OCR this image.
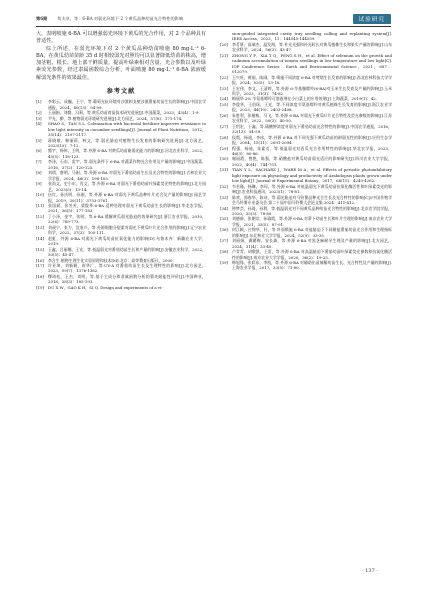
第6期 苟夫卓，等：6-BA 对弱光环境下 2 个黄瓜品种幼苗光合特性的影响	试验研究

大，表明喷施 6-BA 可以增强弱光环境下黄瓜的光合作用，对 2 个品种具有普适性。

综上所述，在弱光环境下对 2 个黄瓜品种幼苗喷施 80 mg·L⁻¹ 6-BA，在黄瓜幼苗苗龄 35 d 时相较弱光对照均可以显著降低幼苗的株高，增加茎粗、根长、地上部干鲜质量，提高叶绿素相对含量、光合参数以及叶绿素荧光参数，经过隶属函数综合分析，叶面喷施 80 mg·L⁻¹ 6-BA 浓液缓解弱光条件的效果最佳。

参考文献
[1]	李彩云，成巍，王宁，等.葡萄光抗环境对沙漠和戈壁沙漠番茄幼苗生长的影响[J].中国农学通报，2024，40(13)：94-99.
[2]	王丽娟，刘勤，冯莉，等.黄瓜幼苗育苗技术研究进展[J].中国蔬菜，2023，43(4)：1-9.
[3]	尹光，柳，等.植物弱光环境研究进展[J].北方园艺，2024，57(8)：171-174.
[4]	SHAO S，TAN S L. Colonization with bacterial fertilizer improves resistance to low light intensity in cucumber seedlings[J]. Journal of Plant Nutrition，2012，35(14)：2107-2117.
[5]	蒋晓敏，韩丽莉，林文，等.弱光胁迫对植物生长发育的影响研究进展[J].北方园艺，2023(10)：7-12.
[6]	熊宇，杨伟，王明，等.外源 6-BA 对黄瓜幼苗耐弱光能力的影响[J].河北农业科学，2022，45(5)：118-123.
[7]	李泽，石东，雷宇，等.弱光条件下 6-BA 对蔬菜作物光合作用及产量的影响[J].中国蔬菜，2016，37(2)：120-125.
[8]	刘琪，唐明，马刚，等.外源 6-BA 对弱光下番茄幼苗生长及光合特性的影响[J].吉林农业大学学报，2024，46(3)：198-105.
[9]	张尚文，史小东，肖文，等.外源 6-BA 对弱光下番茄幼苗叶绿素荧光特性的影响[J].北方园艺，2023(5)：13-14.
[10]	伍红，孙庆明，孙刚，等.外源 6-BA 对弱光下黄瓜品种叶片光合及产量的影响[J].园艺学报，2019，30(11)：3753-3761.
[11]	张国斌，张芳芳，梁俊华.6-BA 浸种处理对弱光下黄瓜幼苗生长的影响[J].华北农学报，2021，36(5)：177-183.
[12]	丁小泽，金宇，张明，等.6-BA 缓解黄瓜弱光胁迫的效果研究[J].浙江农业学报，2010，22(6)：769-773.
[13]	刘昶宁，张力，沈家兴，等.外源细胞分裂素对弱光下黄瓜叶片光合作用的影响[J].辽宁农业科学，2022，37(3)：105-111.
[14]	赵虹，外源 6-BA 对弱光下黄瓜幼苗抗氧化能力的影响[D].乌鲁木齐：新疆农业大学，2019.
[15]	王鑫，吕丽娜，王宏，等.低温弱光对番茄幼苗生长和产量的影响[J].安徽农业科学，2022，50(5)：45-47.
[16]	李合生.植物生理生化实验原理和技术[M].北京：高等教育出版社，2000.
[17]	许亚坤，刘新颖，崔华广，等.UV-A 对番茄幼苗生长及生理特性的影响[J].北方园艺，2023，59(7)：1376-1382.
[18]	缪琦松，王杰，刘明，等.基于主成分和隶属函数分析的藜麦耐盐性评价[J].中国种业，2018，38(3)：185-193.
[19]	DU X W，GAO K H，SI Q. Design and experiments of a vi-
sion-guided integrated cavity tray seedling culling and replanting system[J]. IEEE Access，2023，11：144545-144559.
[20]	李茗妍，高瑞杰，温发海，等.补光光强和补光时长对黄瓜植株生长和果实产量的影响[J].山东农业科学，2024，56(3)：43-47.
[21]	ZHONG Y F，XIA T Q，PENG S H，et al. Effect of selenium on the growth and cadmium accumulation of tomato seedlings in low temperature and low light[C]. IOP Conference Series：Earth and Environmental Science，2021，687：012079.
[22]	王兴旺，黄刚，陈刚，等.喷施不同浓度 6-BA 对烤烟生长发育的影响[J].西北农林科技大学学报，2024，52(5)：13-18.
[23]	王宏伟，李文，王清婷，等.外源 6-苄基腺嘌呤(6-BA)对玉米生长发育及产量的影响[J].玉米科学，2023，31(3)：74-82.
[24]	梅丽华.2% 苄氨基嘌呤可溶液剂在小白菜上的应用效果[J].上海蔬菜，2019(1)：42.
[25]	李俊华，王伯琛，王光，等.不同浓度苄氨基嘌呤对黄瓜植株生长发育的影响[J].浙江农业学报，2023，44(10)：2403-2408.
[26]	朱胜利，张楷栋，马飞，等.外源 6-BA 对弱光下黄瓜叶片光合特性及荧光参数的影响[J].江苏农业科学，2022，50(3)：40-50.
[27]	王绍宏，于鑫，等.硝酸钾浓度对弱光下番茄幼苗光合特性的影响[J].中国农学通报，2016，32(13)：54-59.
[28]	侯霞，杨迪，李冰，等.外源 6-BA 对不同光强下黄瓜幼苗的耐弱光性的影响[J].应用生态学报，2004，15(11)：2091-2094.
[29]	程强，杨迪，朱素贞，等.低温弱光对西瓜光合作用特性的影响[J].华北农学报，2023，46(3)：80-86.
[30]	谢丽霞，曾艳，陈强，等.硝酸盐对黄瓜幼苗弱光适应的影响研究[J].四川农业大学学报，2022，40(4)：744-751.
[31]	TIAN Y L，SACHARZ J，WARE M A，et al. Effects of periodic photoinhibitory light exposure on physiology and productivity of Arabidopsis plants grown under low light[J]. Journal of Experimental Botany，2017，68(15)：4249-4262.
[32]	韦若瑾，杨琳，李珂，等.外源 6-BA 对低温弱光下黄瓜幼苗抗氧化酶活性和叶绿素荧光的影响[J].农业科技通讯，2023(1)：78-81.
[33]	陈欢，郭春华，陈诗，等.弱光胁迫对马铃薯品种光合生长及光合特性的影响[C]//中国作物学会马铃薯专业委员会.第二十届中国马铃薯大会论文集.2024：411-412.
[34]	钟梦芸，孙琦，孙利，等.低温弱光对不同黄瓜品种幼苗光合特性的影响[J].北京农学院学报，2020，35(3)：78-80.
[35]	刘德新，张朝宗，孙瑜霞，等.外源 6-BA 对萝卜幼苗生长和叶片生理的影响[J].南京农业大学学报，2021，35(5)：87-91.
[36]	何江颖，庄锦华，杜，等.叶面喷施 6-BA 对盐胁迫下不同耐盐番茄幼苗光合作用和生理指标的影响[J].东北林业大学学报，2024，52(9)：33-35.
[37]	刘丽娟，冀繁梅，安长森，等.外源 6-BA 对黑芝麻耐旱生理及产量的影响[J].北方园艺，2024，31(4)：33-40.
[38]	卢青青，胡敬凯，王雷，等.外源 6-BA 对高温胁迫下番茄幼苗叶绿素荧光参数和抗氧化酶活性的影响[J].南京农业大学学报，2020，36(2)：19-25.
[39]	韩旭锋，张彩东，李凯，等.外源 6-BA 对辅助出苗辣椒幼苗生长、光合特性及产量的影响[J].上海农业学报，2017，33(5)：71-80.
· 137 ·
